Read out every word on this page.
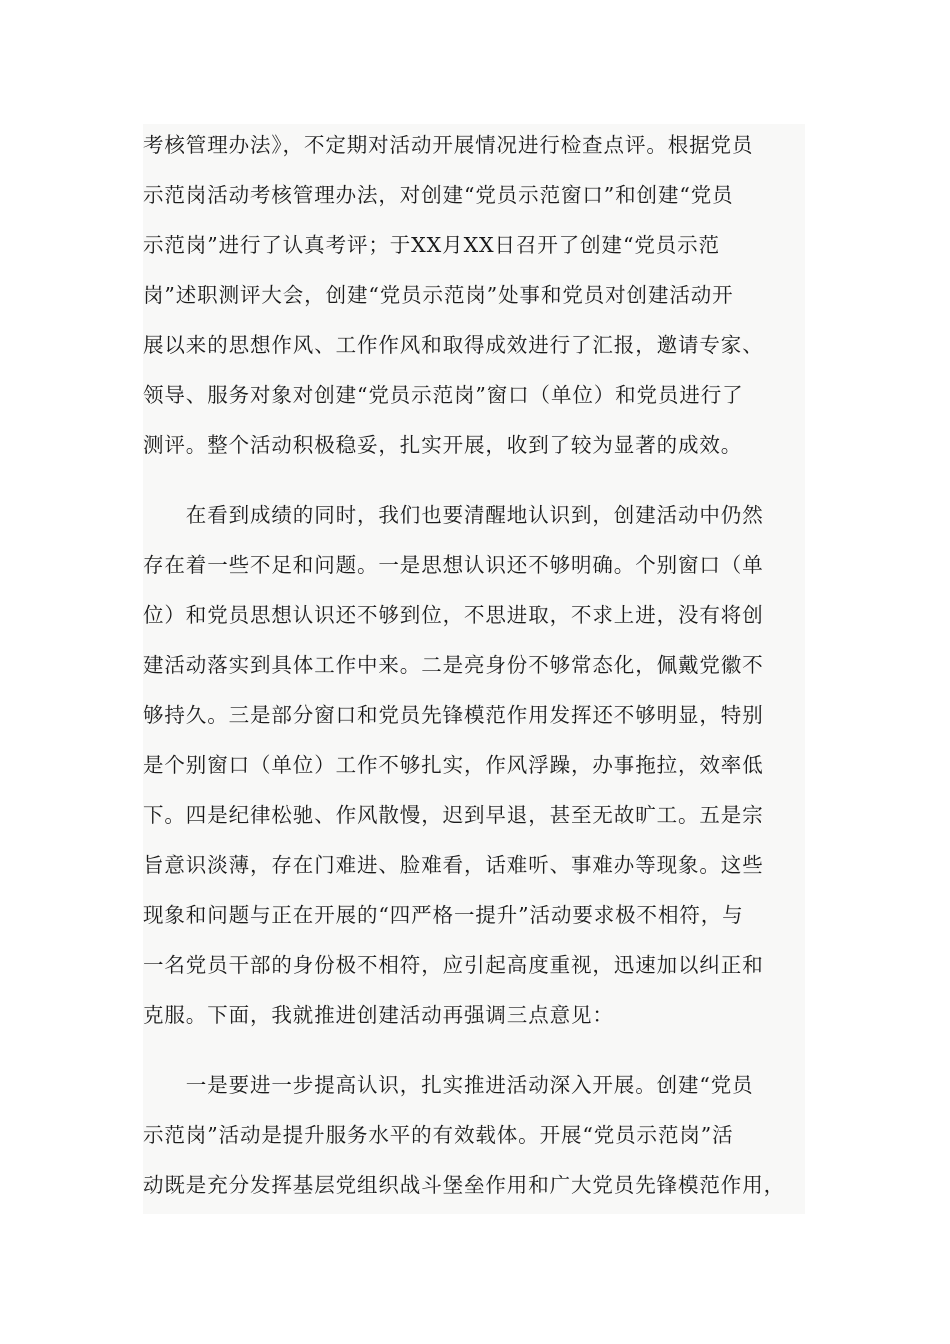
考核管理办法》，不定期对活动开展情况进行检查点评。根据党员
示范岗活动考核管理办法，对创建“党员示范窗口”和创建“党员
示范岗”进行了认真考评；于XX月XX日召开了创建“党员示范
岗”述职测评大会，创建“党员示范岗”处事和党员对创建活动开
展以来的思想作风、工作作风和取得成效进行了汇报，邀请专家、
领导、服务对象对创建“党员示范岗”窗口（单位）和党员进行了
测评。整个活动积极稳妥，扎实开展，收到了较为显著的成效。
　　在看到成绩的同时，我们也要清醒地认识到，创建活动中仍然
存在着一些不足和问题。一是思想认识还不够明确。个别窗口（单
位）和党员思想认识还不够到位，不思进取，不求上进，没有将创
建活动落实到具体工作中来。二是亮身份不够常态化，佩戴党徽不
够持久。三是部分窗口和党员先锋模范作用发挥还不够明显，特别
是个别窗口（单位）工作不够扎实，作风浮躁，办事拖拉，效率低
下。四是纪律松驰、作风散慢，迟到早退，甚至无故旷工。五是宗
旨意识淡薄，存在门难进、脸难看，话难听、事难办等现象。这些
现象和问题与正在开展的“四严格一提升”活动要求极不相符，与
一名党员干部的身份极不相符，应引起高度重视，迅速加以纠正和
克服。下面，我就推进创建活动再强调三点意见：
　　一是要进一步提高认识，扎实推进活动深入开展。创建“党员
示范岗”活动是提升服务水平的有效载体。开展“党员示范岗”活
动既是充分发挥基层党组织战斗堡垒作用和广大党员先锋模范作用，
